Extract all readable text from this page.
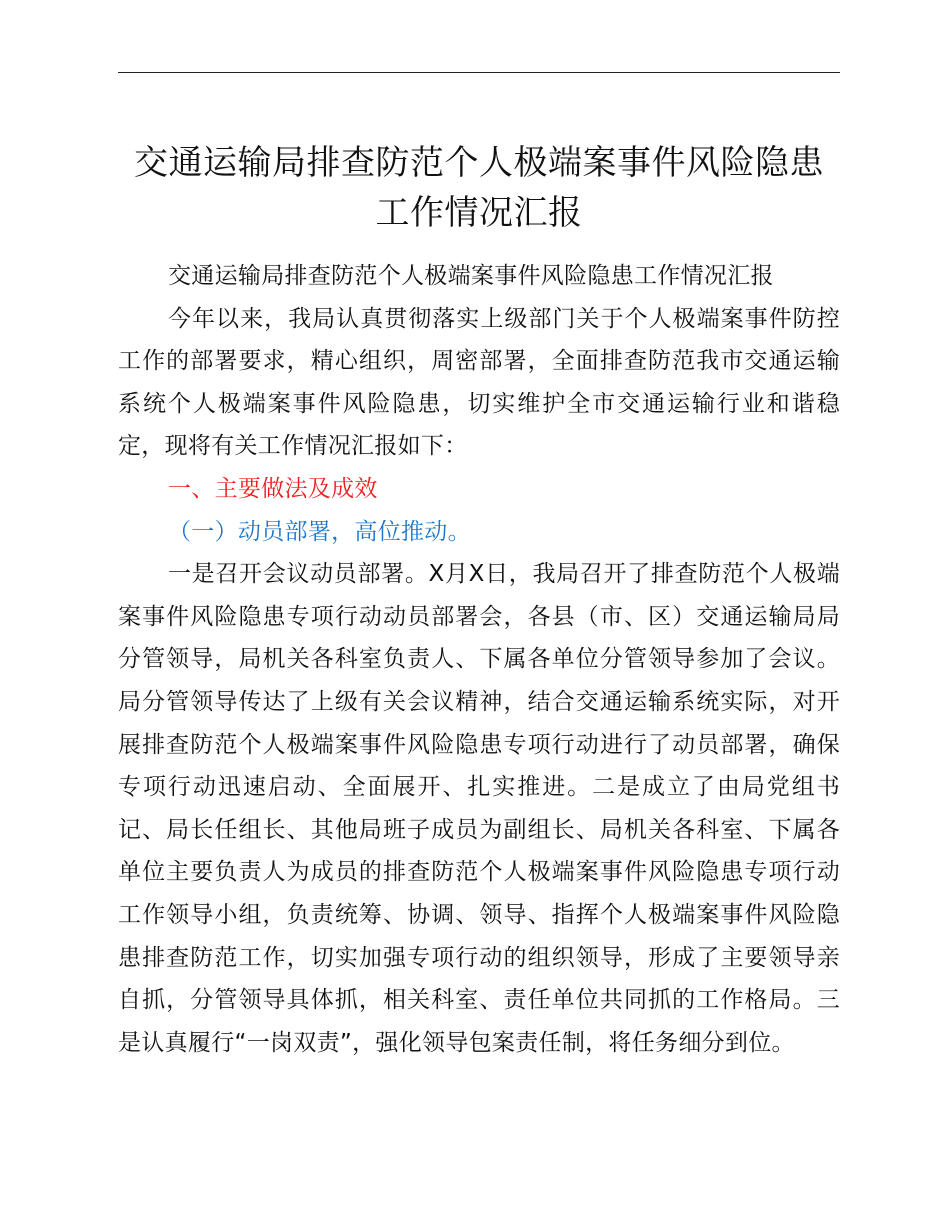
交通运输局排查防范个人极端案事件风险隐患工作情况汇报

交通运输局排查防范个人极端案事件风险隐患工作情况汇报

今年以来，我局认真贯彻落实上级部门关于个人极端案事件防控工作的部署要求，精心组织，周密部署，全面排查防范我市交通运输系统个人极端案事件风险隐患，切实维护全市交通运输行业和谐稳定，现将有关工作情况汇报如下：

一、主要做法及成效

（一）动员部署，高位推动。

一是召开会议动员部署。X月X日，我局召开了排查防范个人极端案事件风险隐患专项行动动员部署会，各县（市、区）交通运输局局分管领导，局机关各科室负责人、下属各单位分管领导参加了会议。局分管领导传达了上级有关会议精神，结合交通运输系统实际，对开展排查防范个人极端案事件风险隐患专项行动进行了动员部署，确保专项行动迅速启动、全面展开、扎实推进。二是成立了由局党组书记、局长任组长、其他局班子成员为副组长、局机关各科室、下属各单位主要负责人为成员的排查防范个人极端案事件风险隐患专项行动工作领导小组，负责统筹、协调、领导、指挥个人极端案事件风险隐患排查防范工作，切实加强专项行动的组织领导，形成了主要领导亲自抓，分管领导具体抓，相关科室、责任单位共同抓的工作格局。三是认真履行“一岗双责”，强化领导包案责任制，将任务细分到位。
